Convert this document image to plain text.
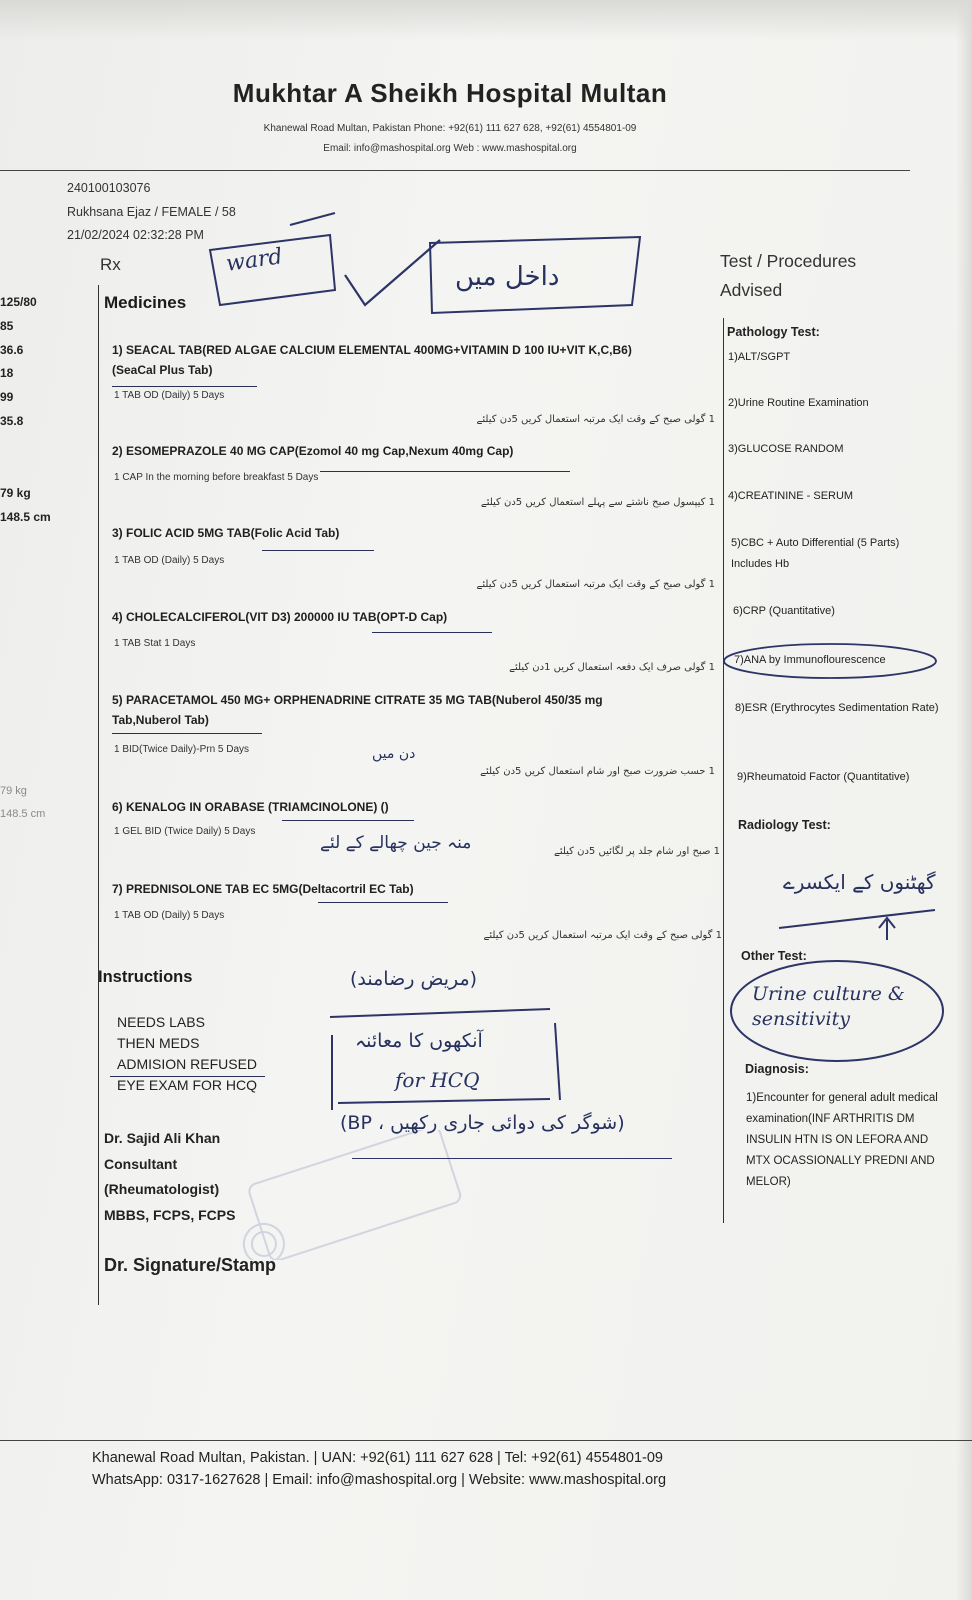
Mukhtar A Sheikh Hospital Multan
Khanewal Road Multan, Pakistan Phone: +92(61) 111 627 628, +92(61) 4554801-09
Email: info@mashospital.org Web : www.mashospital.org
240100103076
Rukhsana Ejaz / FEMALE / 58
21/02/2024 02:32:28 PM
Rx
125/80
85
36.6
18
99
35.8
79 kg
148.5 cm
79 kg
148.5 cm
Medicines
1) SEACAL TAB(RED ALGAE CALCIUM ELEMENTAL 400MG+VITAMIN D 100 IU+VIT K,C,B6)
(SeaCal Plus Tab)
1 TAB OD (Daily) 5 Days
1 گولی صبح کے وقت ایک مرتبہ استعمال کریں 5دن کیلئے
2) ESOMEPRAZOLE 40 MG CAP(Ezomol 40 mg Cap,Nexum 40mg Cap)
1 CAP In the morning before breakfast 5 Days
1 کیپسول صبح ناشتے سے پہلے استعمال کریں 5دن کیلئے
3) FOLIC ACID 5MG TAB(Folic Acid Tab)
1 TAB OD (Daily) 5 Days
1 گولی صبح کے وقت ایک مرتبہ استعمال کریں 5دن کیلئے
4) CHOLECALCIFEROL(VIT D3) 200000 IU TAB(OPT-D Cap)
1 TAB Stat 1 Days
1 گولی صرف ایک دفعہ استعمال کریں 1دن کیلئے
5) PARACETAMOL 450 MG+ ORPHENADRINE CITRATE 35 MG TAB(Nuberol 450/35 mg
Tab,Nuberol Tab)
1 BID(Twice Daily)-Prn 5 Days
1 حسب ضرورت صبح اور شام استعمال کریں 5دن کیلئے
6) KENALOG IN ORABASE (TRIAMCINOLONE) ()
1 GEL BID (Twice Daily) 5 Days
1 صبح اور شام جلد پر لگائیں 5دن کیلئے
7) PREDNISOLONE TAB EC 5MG(Deltacortril EC Tab)
1 TAB OD (Daily) 5 Days
1 گولی صبح کے وقت ایک مرتبہ استعمال کریں 5دن کیلئے
Test / Procedures Advised
Pathology Test:
1)ALT/SGPT
2)Urine Routine Examination
3)GLUCOSE RANDOM
4)CREATININE - SERUM
5)CBC + Auto Differential (5 Parts) Includes Hb
6)CRP (Quantitative)
7)ANA by Immunoflourescence
8)ESR (Erythrocytes Sedimentation Rate)
9)Rheumatoid Factor (Quantitative)
Radiology Test:
Other Test:
Diagnosis:
1)Encounter for general adult medical examination(INF ARTHRITIS DM INSULIN HTN IS ON LEFORA AND MTX OCASSIONALLY PREDNI AND MELOR)
Instructions
NEEDS LABS
THEN MEDS
ADMISION REFUSED
EYE EXAM FOR HCQ
Dr. Sajid Ali Khan
Consultant
(Rheumatologist)
MBBS, FCPS, FCPS
Dr. Signature/Stamp
ward
داخل میں
دن میں
منہ جین چھالے کے لئے
گھٹنوں کے ایکسرے
Urine culture & sensitivity
(مریض رضامند)
آنکھوں کا معائنہ
for HCQ
(BP ، شوگر کی دوائی جاری رکھیں)
Khanewal Road Multan, Pakistan. | UAN: +92(61) 111 627 628 | Tel: +92(61) 4554801-09
WhatsApp: 0317-1627628 | Email: info@mashospital.org | Website: www.mashospital.org
